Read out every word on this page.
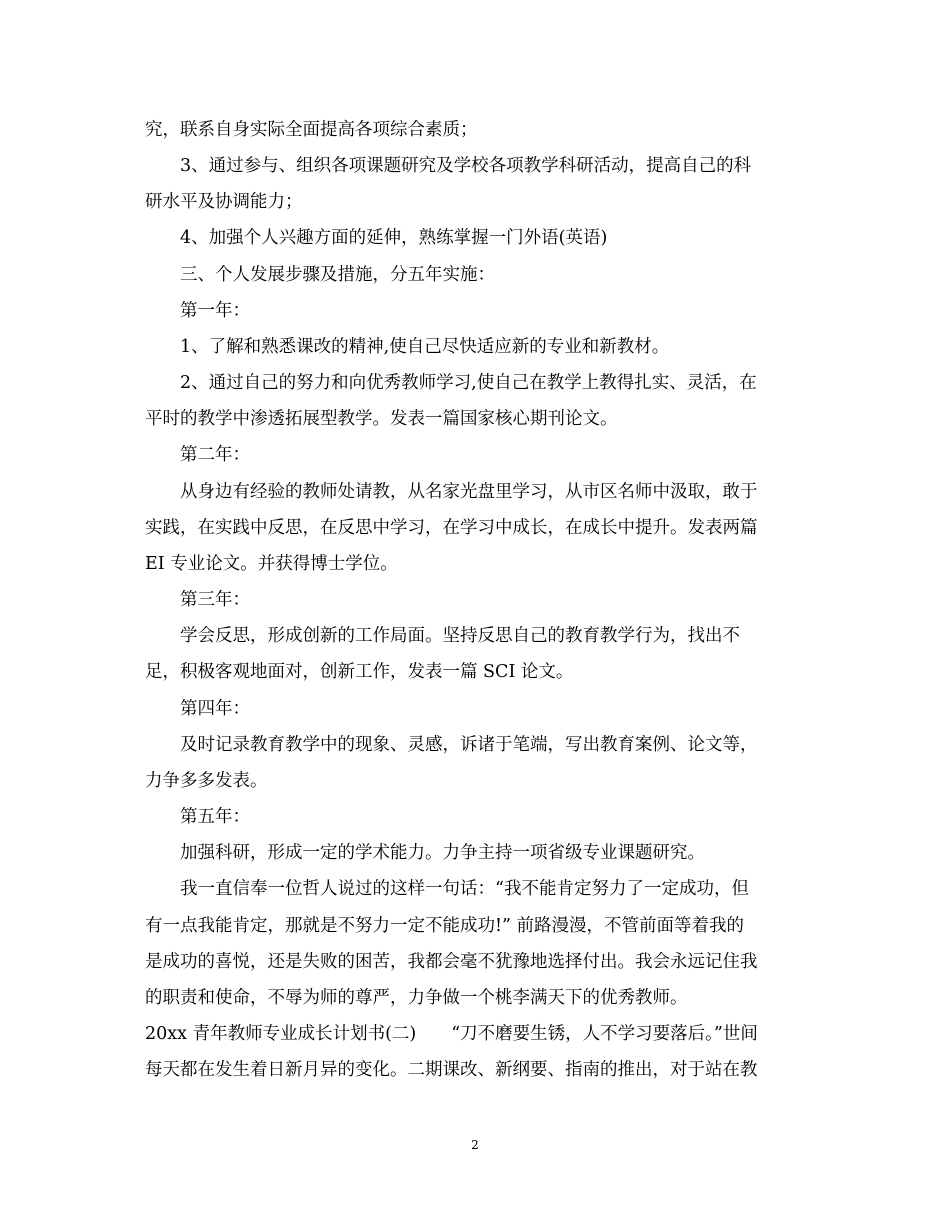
究，联系自身实际全面提高各项综合素质；
3、通过参与、组织各项课题研究及学校各项教学科研活动，提高自己的科
研水平及协调能力；
4、加强个人兴趣方面的延伸，熟练掌握一门外语(英语)
三、个人发展步骤及措施，分五年实施：
第一年：
1、了解和熟悉课改的精神,使自己尽快适应新的专业和新教材。
2、通过自己的努力和向优秀教师学习,使自己在教学上教得扎实、灵活，在
平时的教学中渗透拓展型教学。发表一篇国家核心期刊论文。
第二年：
从身边有经验的教师处请教，从名家光盘里学习，从市区名师中汲取，敢于
实践，在实践中反思，在反思中学习，在学习中成长，在成长中提升。发表两篇
EI 专业论文。并获得博士学位。
第三年：
学会反思，形成创新的工作局面。坚持反思自己的教育教学行为，找出不
足，积极客观地面对，创新工作，发表一篇 SCI 论文。
第四年：
及时记录教育教学中的现象、灵感，诉诸于笔端，写出教育案例、论文等，
力争多多发表。
第五年：
加强科研，形成一定的学术能力。力争主持一项省级专业课题研究。
我一直信奉一位哲人说过的这样一句话：“我不能肯定努力了一定成功，但
有一点我能肯定，那就是不努力一定不能成功!” 前路漫漫，不管前面等着我的
是成功的喜悦，还是失败的困苦，我都会毫不犹豫地选择付出。我会永远记住我
的职责和使命，不辱为师的尊严，力争做一个桃李满天下的优秀教师。
20xx 青年教师专业成长计划书(二)　　“刀不磨要生锈，人不学习要落后。”世间
每天都在发生着日新月异的变化。二期课改、新纲要、指南的推出，对于站在教
2
